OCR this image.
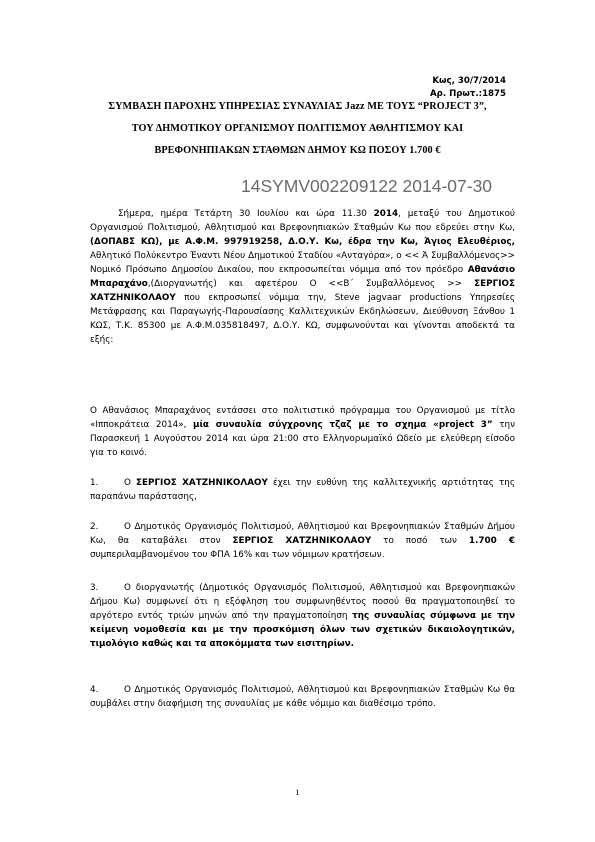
Κως, 30/7/2014
Αρ. Πρωτ.:1875
ΣΥΜΒΑΣΗ ΠΑΡΟΧΗΣ ΥΠΗΡΕΣΙΑΣ ΣΥΝΑΥΛΙΑΣ Jazz ΜΕ ΤΟΥΣ “PROJECT 3”,
ΤΟΥ ΔΗΜΟΤΙΚΟΥ ΟΡΓΑΝΙΣΜΟΥ ΠΟΛΙΤΙΣΜΟΥ ΑΘΛΗΤΙΣΜΟΥ ΚΑΙ
ΒΡΕΦΟΝΗΠΙΑΚΩΝ ΣΤΑΘΜΩΝ ΔΗΜΟΥ ΚΩ ΠΟΣΟΥ 1.700 €
14SYMV002209122 2014-07-30

Σήμερα, ημέρα Τετάρτη 30 Ιουλίου και ώρα 11.30 2014, μεταξύ του Δημοτικού Οργανισμού Πολιτισμού, Αθλητισμού και Βρεφονηπιακών Σταθμών Κω που εδρεύει στην Κω, (ΔΟΠΑΒΣ ΚΩ), με Α.Φ.Μ. 997919258, Δ.Ο.Υ. Κω, έδρα την Κω, Άγιος Ελευθέριος, Αθλητικό Πολύκεντρο Έναντι Νέου Δημοτικού Σταδίου «Ανταγόρα», ο << Ά Συμβαλλόμενος>> Νομικό Πρόσωπο Δημοσίου Δικαίου, που εκπροσωπείται νόμιμα από τον πρόεδρο Αθανάσιο Μπαραχάνο,(Διοργανωτής) και αφετέρου Ο <<Β΄ Συμβαλλόμενος >> ΣΕΡΓΙΟΣ ΧΑΤΖΗΝΙΚΟΛΑΟΥ που εκπροσωπεί νόμιμα την, Steve jagvaar productions Υπηρεσίες Μετάφρασης και Παραγωγής-Παρουσίασης Καλλιτεχνικών Εκδηλώσεων, Διεύθυνση Ξάνθου 1 ΚΩΣ, Τ.Κ. 85300 με Α.Φ.Μ.035818497, Δ.Ο.Υ. ΚΩ, συμφωνούνται και γίνονται αποδεκτά τα εξής:

Ο Αθανάσιος Μπαραχάνος εντάσσει στο πολιτιστικό πρόγραμμα του Οργανισμού με τίτλο «Ιπποκράτεια 2014», μία συναυλία σύγχρονης τζαζ με το σχημα «project 3” την Παρασκευή 1 Αυγούστου 2014 και ώρα 21:00 στο Ελληνορωμαϊκό Ωδείο με ελεύθερη είσοδο για το κοινό.

1.	Ο ΣΕΡΓΙΟΣ ΧΑΤΖΗΝΙΚΟΛΑΟΥ έχει την ευθύνη της καλλιτεχνικής αρτιότητας της παραπάνω παράστασης,

2.	Ο Δημοτικός Οργανισμός Πολιτισμού, Αθλητισμού και Βρεφονηπιακών Σταθμών Δήμου Κω, θα καταβάλει στον ΣΕΡΓΙΟΣ ΧΑΤΖΗΝΙΚΟΛΑΟΥ το ποσό των 1.700 € συμπεριλαμβανομένου του ΦΠΑ 16% και των νόμιμων κρατήσεων.

3.	Ο διοργανωτής (Δημοτικός Οργανισμός Πολιτισμού, Αθλητισμού και Βρεφονηπιακών Δήμου Κω) συμφωνεί ότι η εξόφληση του συμφωνηθέντος ποσού θα πραγματοποιηθεί το αργότερο εντός τριών μηνών από την πραγματοποίηση της συναυλίας σύμφωνα με την κείμενη νομοθεσία και με την προσκόμιση όλων των σχετικών δικαιολογητικών, τιμολόγιο καθώς και τα αποκόμματα των εισιτηρίων.

4.	Ο Δημοτικός Οργανισμός Πολιτισμού, Αθλητισμού και Βρεφονηπιακών Σταθμών Κω θα συμβάλει στην διαφήμιση της συναυλίας με κάθε νόμιμο και διαθέσιμο τρόπο.

1
